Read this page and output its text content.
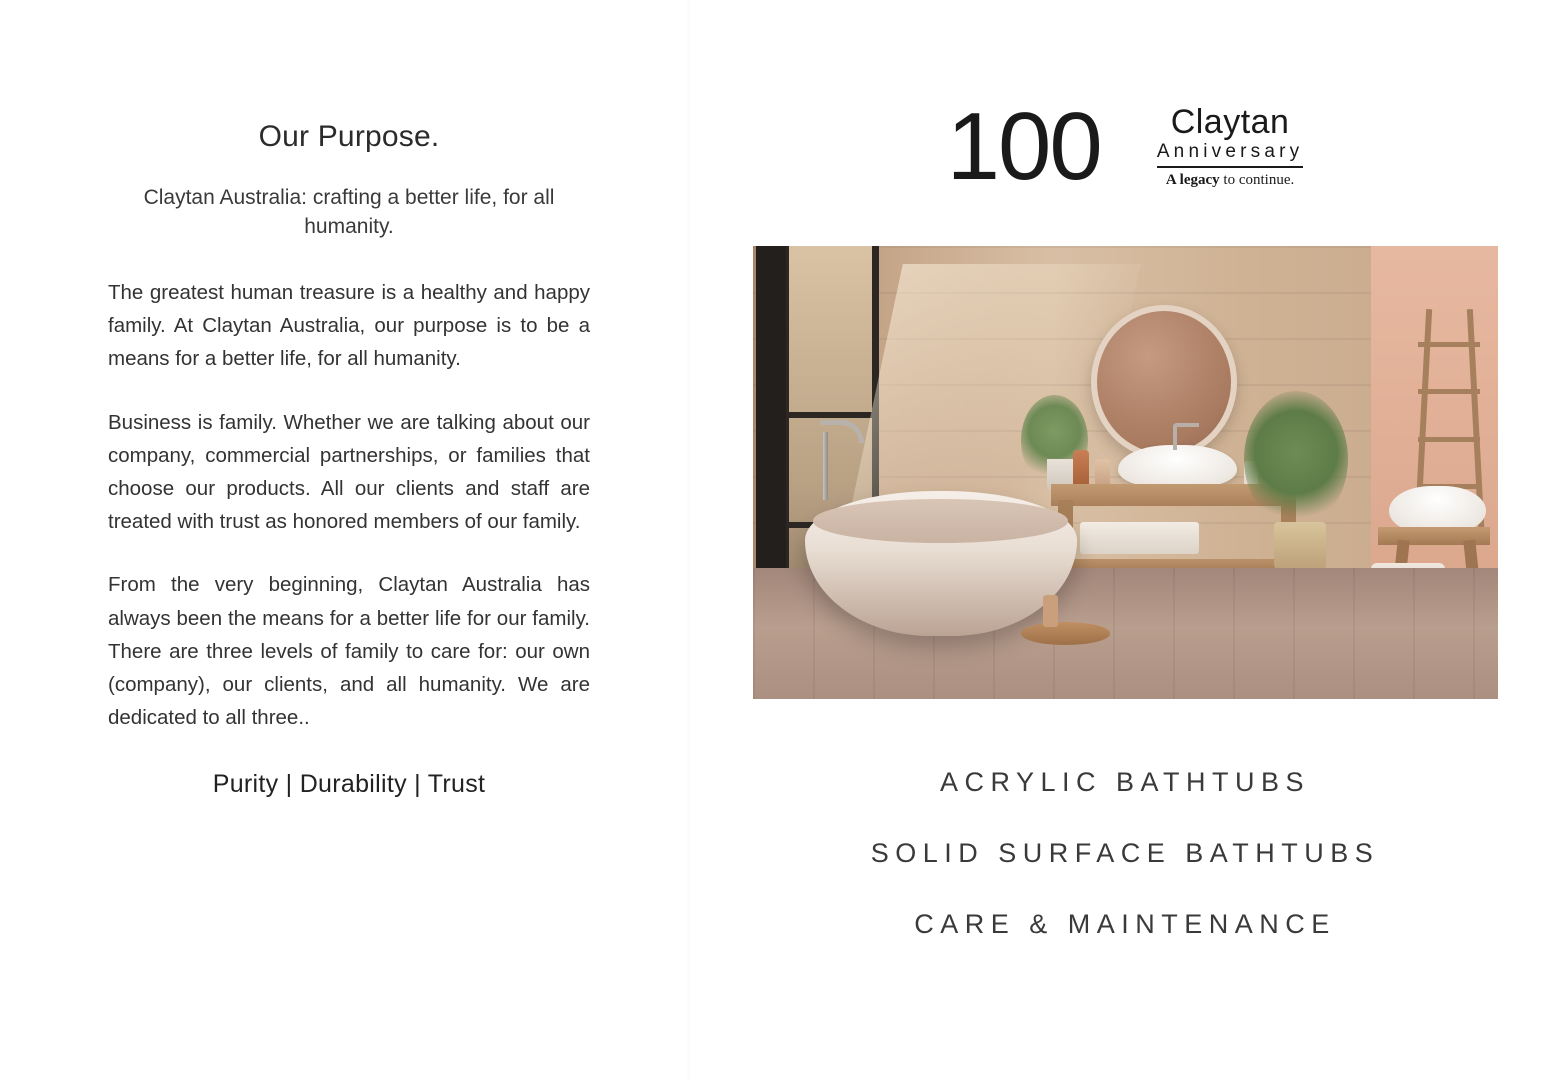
Our Purpose.

Claytan Australia: crafting a better life, for all humanity.

The greatest human treasure is a healthy and happy family. At Claytan Australia, our purpose is to be a means for a better life, for all humanity.

Business is family. Whether we are talking about our company, commercial partnerships, or families that choose our products. All our clients and staff are treated with trust as honored members of our family.

From the very beginning, Claytan Australia has always been the means for a better life for our family. There are three levels of family to care for: our own (company), our clients, and all humanity. We are dedicated to all three..

Purity | Durability | Trust
100	Claytan
Anniversary
A legacy to continue.
ACRYLIC BATHTUBS
SOLID SURFACE BATHTUBS
CARE & MAINTENANCE
